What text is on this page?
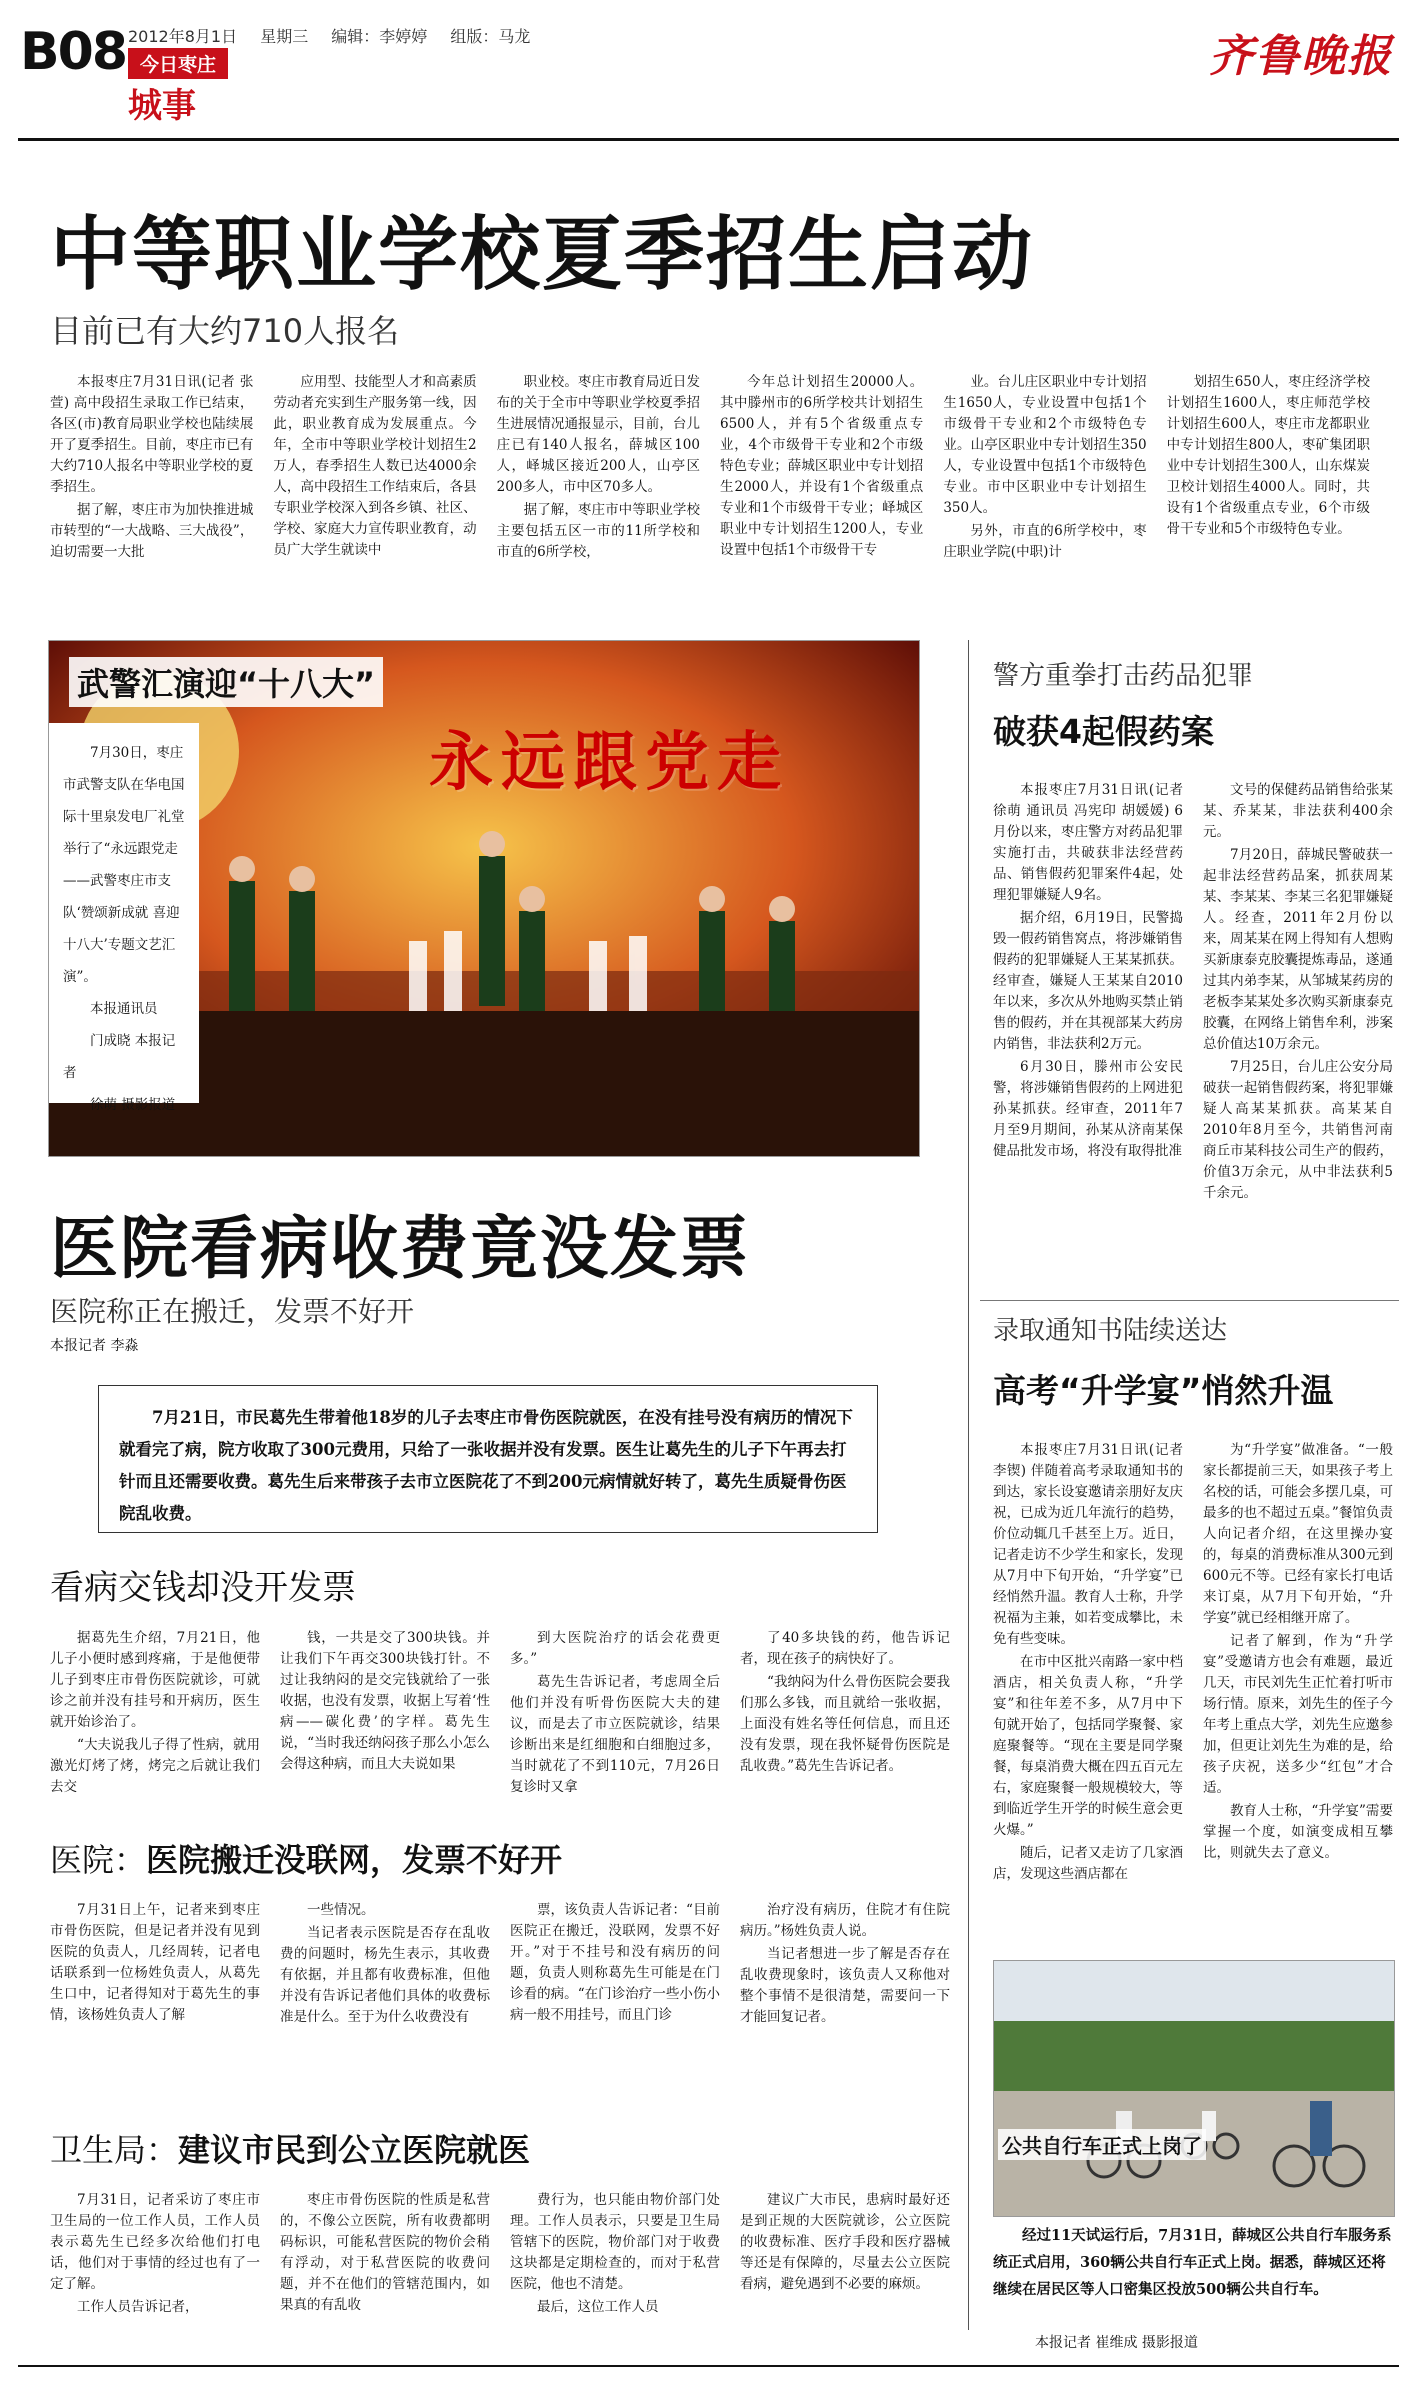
B08 2012年8月1日 星期三 编辑：李婷婷 组版：马龙
今日枣庄
城事
齐鲁晚报
中等职业学校夏季招生启动
目前已有大约710人报名

本报枣庄7月31日讯(记者 张萱) 高中段招生录取工作已结束，各区(市)教育局职业学校也陆续展开了夏季招生。目前，枣庄市已有大约710人报名中等职业学校的夏季招生。

据了解，枣庄市为加快推进城市转型的“一大战略、三大战役”，迫切需要一大批

应用型、技能型人才和高素质劳动者充实到生产服务第一线，因此，职业教育成为发展重点。今年，全市中等职业学校计划招生2万人，春季招生人数已达4000余人，高中段招生工作结束后，各县专职业学校深入到各乡镇、社区、学校、家庭大力宣传职业教育，动员广大学生就读中

职业校。枣庄市教育局近日发布的关于全市中等职业学校夏季招生进展情况通报显示，目前，台儿庄已有140人报名，薛城区100人，峄城区接近200人，山亭区200多人，市中区70多人。

据了解，枣庄市中等职业学校主要包括五区一市的11所学校和市直的6所学校，

今年总计划招生20000人。其中滕州市的6所学校共计划招生6500人，并有5个省级重点专业，4个市级骨干专业和2个市级特色专业；薛城区职业中专计划招生2000人，并设有1个省级重点专业和1个市级骨干专业；峄城区职业中专计划招生1200人，专业设置中包括1个市级骨干专

业。台儿庄区职业中专计划招生1650人，专业设置中包括1个市级骨干专业和2个市级特色专业。山亭区职业中专计划招生350人，专业设置中包括1个市级特色专业。市中区职业中专计划招生350人。

另外，市直的6所学校中，枣庄职业学院(中职)计

划招生650人，枣庄经济学校计划招生1600人，枣庄师范学校计划招生600人，枣庄市龙都职业中专计划招生800人，枣矿集团职业中专计划招生300人，山东煤炭卫校计划招生4000人。同时，共设有1个省级重点专业，6个市级骨干专业和5个市级特色专业。

永远跟党走
武警汇演迎“十八大”
7月30日，枣庄市武警支队在华电国际十里泉发电厂礼堂举行了“永远跟党走——武警枣庄市支队‘赞颂新成就 喜迎十八大’专题文艺汇演”。
本报通讯员
门成晓 本报记者
徐萌 摄影报道
警方重拳打击药品犯罪
破获4起假药案

本报枣庄7月31日讯(记者 徐萌 通讯员 冯宪印 胡媛媛) 6月份以来，枣庄警方对药品犯罪实施打击，共破获非法经营药品、销售假药犯罪案件4起，处理犯罪嫌疑人9名。

据介绍，6月19日，民警捣毁一假药销售窝点，将涉嫌销售假药的犯罪嫌疑人王某某抓获。经审查，嫌疑人王某某自2010年以来，多次从外地购买禁止销售的假药，并在其视部某大药房内销售，非法获利2万元。

6月30日，滕州市公安民警，将涉嫌销售假药的上网进犯孙某抓获。经审查，2011年7月至9月期间，孙某从济南某保健品批发市场，将没有取得批准

文号的保健药品销售给张某某、乔某某，非法获利400余元。

7月20日，薛城民警破获一起非法经营药品案，抓获周某某、李某某、李某三名犯罪嫌疑人。经查，2011年2月份以来，周某某在网上得知有人想购买新康泰克胶囊提炼毒品，遂通过其内弟李某，从邹城某药房的老板李某某处多次购买新康泰克胶囊，在网络上销售牟利，涉案总价值达10万余元。

7月25日，台儿庄公安分局破获一起销售假药案，将犯罪嫌疑人高某某抓获。高某某自2010年8月至今，共销售河南商丘市某科技公司生产的假药，价值3万余元，从中非法获利5千余元。

医院看病收费竟没发票
医院称正在搬迁，发票不好开
本报记者 李淼
7月21日，市民葛先生带着他18岁的儿子去枣庄市骨伤医院就医，在没有挂号没有病历的情况下就看完了病，院方收取了300元费用，只给了一张收据并没有发票。医生让葛先生的儿子下午再去打针而且还需要收费。葛先生后来带孩子去市立医院花了不到200元病情就好转了，葛先生质疑骨伤医院乱收费。
看病交钱却没开发票

据葛先生介绍，7月21日，他儿子小便时感到疼痛，于是他便带儿子到枣庄市骨伤医院就诊，可就诊之前并没有挂号和开病历，医生就开始诊治了。

“大夫说我儿子得了性病，就用激光灯烤了烤，烤完之后就让我们去交

钱，一共是交了300块钱。并让我们下午再交300块钱打针。不过让我纳闷的是交完钱就给了一张收据，也没有发票，收据上写着‘性病——碳化费’的字样。葛先生说，“当时我还纳闷孩子那么小怎么会得这种病，而且大夫说如果

到大医院治疗的话会花费更多。”

葛先生告诉记者，考虑周全后他们并没有听骨伤医院大夫的建议，而是去了市立医院就诊，结果诊断出来是红细胞和白细胞过多，当时就花了不到110元，7月26日复诊时又拿

了40多块钱的药，他告诉记者，现在孩子的病快好了。

“我纳闷为什么骨伤医院会要我们那么多钱，而且就给一张收据，上面没有姓名等任何信息，而且还没有发票，现在我怀疑骨伤医院是乱收费。”葛先生告诉记者。

医院：医院搬迁没联网，发票不好开

7月31日上午，记者来到枣庄市骨伤医院，但是记者并没有见到医院的负责人，几经周转，记者电话联系到一位杨姓负责人，从葛先生口中，记者得知对于葛先生的事情，该杨姓负责人了解

一些情况。

当记者表示医院是否存在乱收费的问题时，杨先生表示，其收费有依据，并且都有收费标准，但他并没有告诉记者他们具体的收费标准是什么。至于为什么收费没有

票，该负责人告诉记者：“目前医院正在搬迁，没联网，发票不好开。”对于不挂号和没有病历的问题，负责人则称葛先生可能是在门诊看的病。“在门诊治疗一些小伤小病一般不用挂号，而且门诊

治疗没有病历，住院才有住院病历。”杨姓负责人说。

当记者想进一步了解是否存在乱收费现象时，该负责人又称他对整个事情不是很清楚，需要问一下才能回复记者。

卫生局：建议市民到公立医院就医

7月31日，记者采访了枣庄市卫生局的一位工作人员，工作人员表示葛先生已经多次给他们打电话，他们对于事情的经过也有了一定了解。

工作人员告诉记者，

枣庄市骨伤医院的性质是私营的，不像公立医院，所有收费都明码标识，可能私营医院的物价会稍有浮动，对于私营医院的收费问题，并不在他们的管辖范围内，如果真的有乱收

费行为，也只能由物价部门处理。工作人员表示，只要是卫生局管辖下的医院，物价部门对于收费这块都是定期检查的，而对于私营医院，他也不清楚。

最后，这位工作人员

建议广大市民，患病时最好还是到正规的大医院就诊，公立医院的收费标准、医疗手段和医疗器械等还是有保障的，尽量去公立医院看病，避免遇到不必要的麻烦。

录取通知书陆续送达
高考“升学宴”悄然升温

本报枣庄7月31日讯(记者 李锲) 伴随着高考录取通知书的到达，家长设宴邀请亲朋好友庆祝，已成为近几年流行的趋势，价位动辄几千甚至上万。近日，记者走访不少学生和家长，发现从7月中下旬开始，“升学宴”已经悄然升温。教育人士称，升学祝福为主兼，如若变成攀比，未免有些变味。

在市中区批兴南路一家中档酒店，相关负责人称，“升学宴”和往年差不多，从7月中下旬就开始了，包括同学聚餐、家庭聚餐等。“现在主要是同学聚餐，每桌消费大概在四五百元左右，家庭聚餐一般规模较大，等到临近学生开学的时候生意会更火爆。”

随后，记者又走访了几家酒店，发现这些酒店都在

为“升学宴”做准备。“一般家长都提前三天，如果孩子考上名校的话，可能会多摆几桌，可最多的也不超过五桌。”餐馆负责人向记者介绍，在这里操办宴的，每桌的消费标准从300元到600元不等。已经有家长打电话来订桌，从7月下旬开始，“升学宴”就已经相继开席了。

记者了解到，作为“升学宴”受邀请方也会有难题，最近几天，市民刘先生正忙着打听市场行情。原来，刘先生的侄子今年考上重点大学，刘先生应邀参加，但更让刘先生为难的是，给孩子庆祝，送多少“红包”才合适。

教育人士称，“升学宴”需要掌握一个度，如演变成相互攀比，则就失去了意义。

公共自行车正式上岗了
经过11天试运行后，7月31日，薛城区公共自行车服务系统正式启用，360辆公共自行车正式上岗。据悉，薛城区还将继续在居民区等人口密集区投放500辆公共自行车。
本报记者 崔维成 摄影报道
